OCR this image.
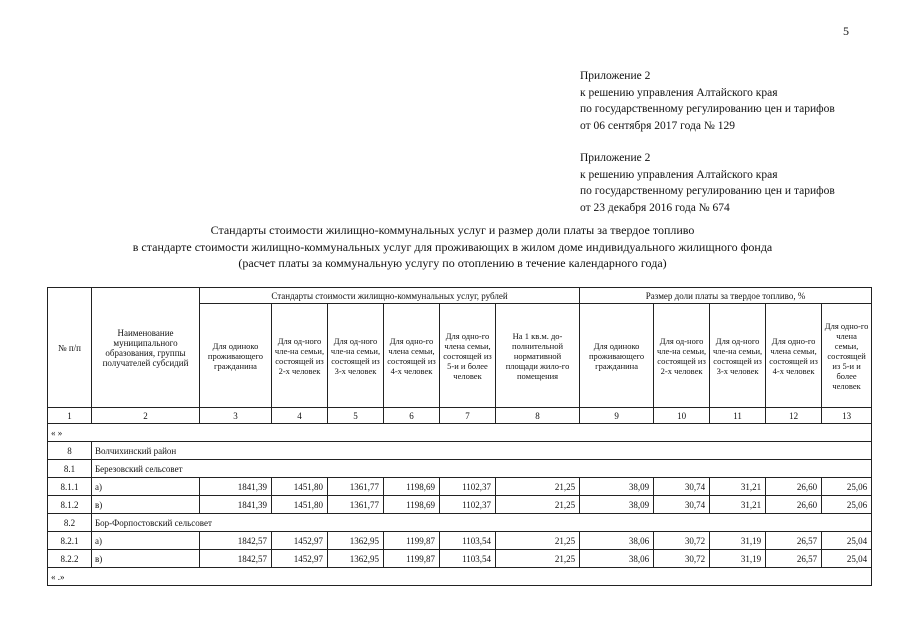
5
Приложение 2
к решению управления Алтайского края
по государственному регулированию цен и тарифов
от 06 сентября 2017 года № 129
Приложение 2
к решению управления Алтайского края
по государственному регулированию цен и тарифов
от 23 декабря 2016 года № 674
Стандарты стоимости жилищно-коммунальных услуг и размер доли платы за твердое топливо
в стандарте стоимости жилищно-коммунальных услуг для проживающих в жилом доме индивидуального жилищного фонда
(расчет платы за коммунальную услугу по отоплению в течение календарного года)
№ п/п	Наименование муниципального образования, группы получателей субсидий	Стандарты стоимости жилищно-коммунальных услуг, рублей						Размер доли платы за твердое топливо, %				
		Для одиноко проживающего гражданина	Для од-ного чле-на семьи, состоящей из 2-х человек	Для од-ного чле-на семьи, состоящей из 3-х человек	Для одно-го члена семьи, состоящей из 4-х человек	Для одно-го члена семьи, состоящей из 5-и и более человек	На 1 кв.м. до-полнительной нормативной площади жило-го помещения	Для одиноко проживающего гражданина	Для од-ного чле-на семьи, состоящей из 2-х человек	Для од-ного чле-на семьи, состоящей из 3-х человек	Для одно-го члена семьи, состоящей из 4-х человек	Для одно-го члена семьи, состоящей из 5-и и более человек
1	2	3	4	5	6	7	8	9	10	11	12	13
« »												
8	Волчихинский район											
8.1	Березовский сельсовет											
8.1.1	а)	1841,39	1451,80	1361,77	1198,69	1102,37	21,25	38,09	30,74	31,21	26,60	25,06
8.1.2	в)	1841,39	1451,80	1361,77	1198,69	1102,37	21,25	38,09	30,74	31,21	26,60	25,06
8.2	Бор-Форпостовский сельсовет											
8.2.1	а)	1842,57	1452,97	1362,95	1199,87	1103,54	21,25	38,06	30,72	31,19	26,57	25,04
8.2.2	в)	1842,57	1452,97	1362,95	1199,87	1103,54	21,25	38,06	30,72	31,19	26,57	25,04
« .»												
